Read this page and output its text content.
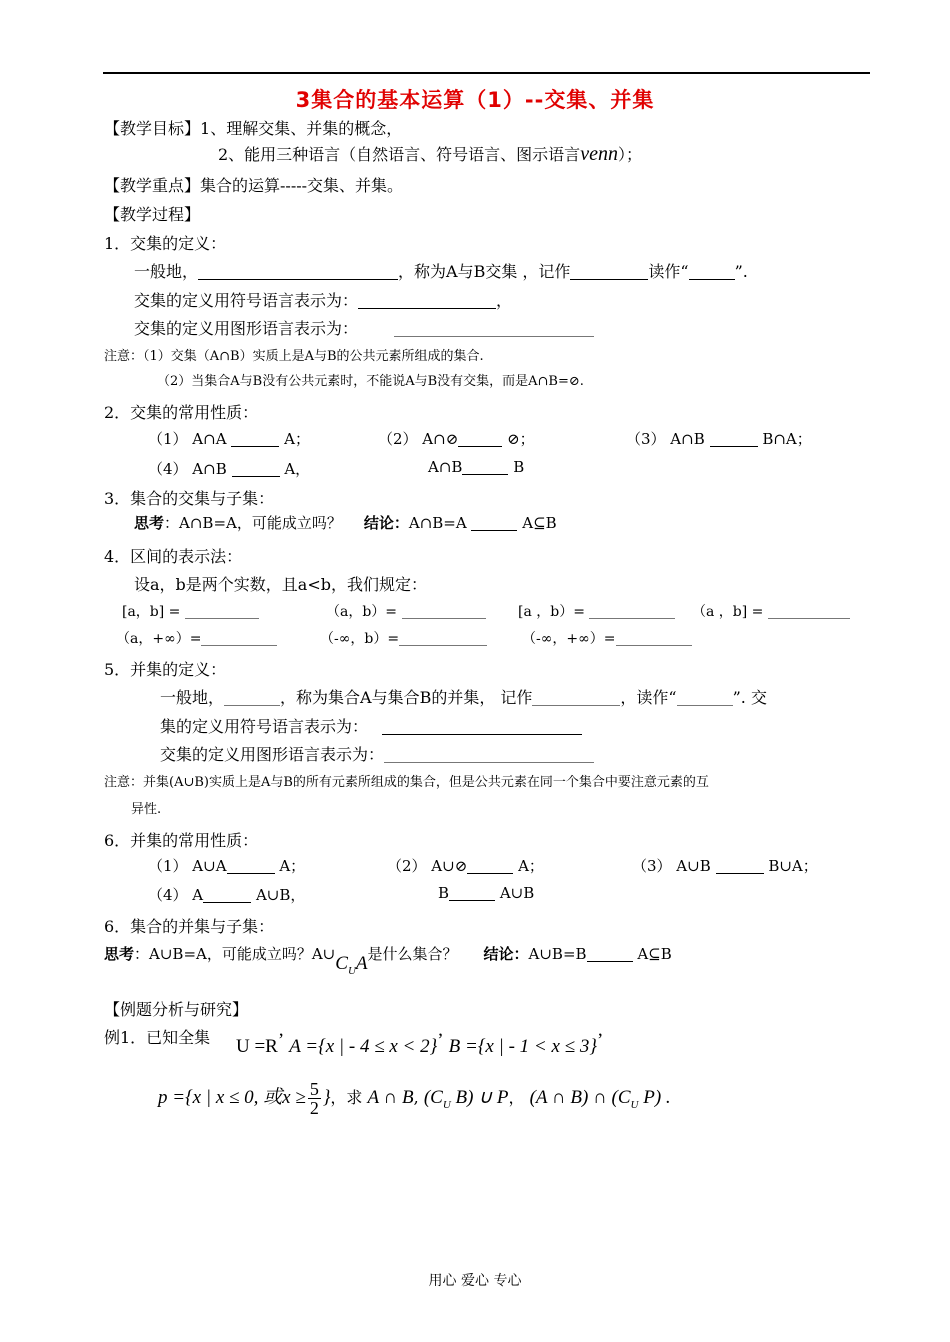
3集合的基本运算（1）--交集、并集
【教学目标】1、理解交集、并集的概念，
2、能用三种语言（自然语言、符号语言、图示语言venn）；
【教学重点】集合的运算-----交集、并集。
【教学过程】
1．交集的定义：
一般地，	，称为A与B交集 ，记作	读作“	”.
交集的定义用符号语言表示为：	，
交集的定义用图形语言表示为：
注意：（1）交集（A∩B）实质上是A与B的公共元素所组成的集合.
（2）当集合A与B没有公共元素时，不能说A与B没有交集，而是A∩B=⊘.
2．交集的常用性质：
（1） A∩A	A；	（2） A∩⊘	⊘；	（3） A∩B	B∩A；
（4） A∩B	A，	A∩B	B
3．集合的交集与子集：
思考：A∩B=A，可能成立吗？ 结论：A∩B=A	A⊆B
4．区间的表示法：
设a，b是两个实数，且a<b，我们规定：
[a，b] =	（a，b）=	[a ，b）=	（a ，b] =
（a，+∞）=	（-∞，b）=	（-∞，+∞）=
5．并集的定义：
一般地，	，称为集合A与集合B的并集， 记作	，读作“	”. 交
集的定义用符号语言表示为：
交集的定义用图形语言表示为：
注意：并集(A∪B)实质上是A与B的所有元素所组成的集合，但是公共元素在同一个集合中要注意元素的互
异性.
6．并集的常用性质：
（1） A∪A	A；	（2） A∪⊘	A；	（3） A∪B	B∪A；
（4） A	A∪B，	B	A∪B
6．集合的并集与子集：
思考：A∪B=A，可能成立吗？$A\cup C_UA$是什么集合？ 结论：A∪B=B	A⊆B
【例题分析与研究】
例1．已知全集 U =R’ A ={x | - 4 ≤ x < 2}’ B ={x | - 1 < x ≤ 3}’
p ={x | x ≤ 0, 或$x \ge \frac{5}{2}$ }，求 A ∩ B, ($C_U$ B) ∪ P， (A ∩ B) ∩ ($C_U$ P) .
用心 爱心 专心
